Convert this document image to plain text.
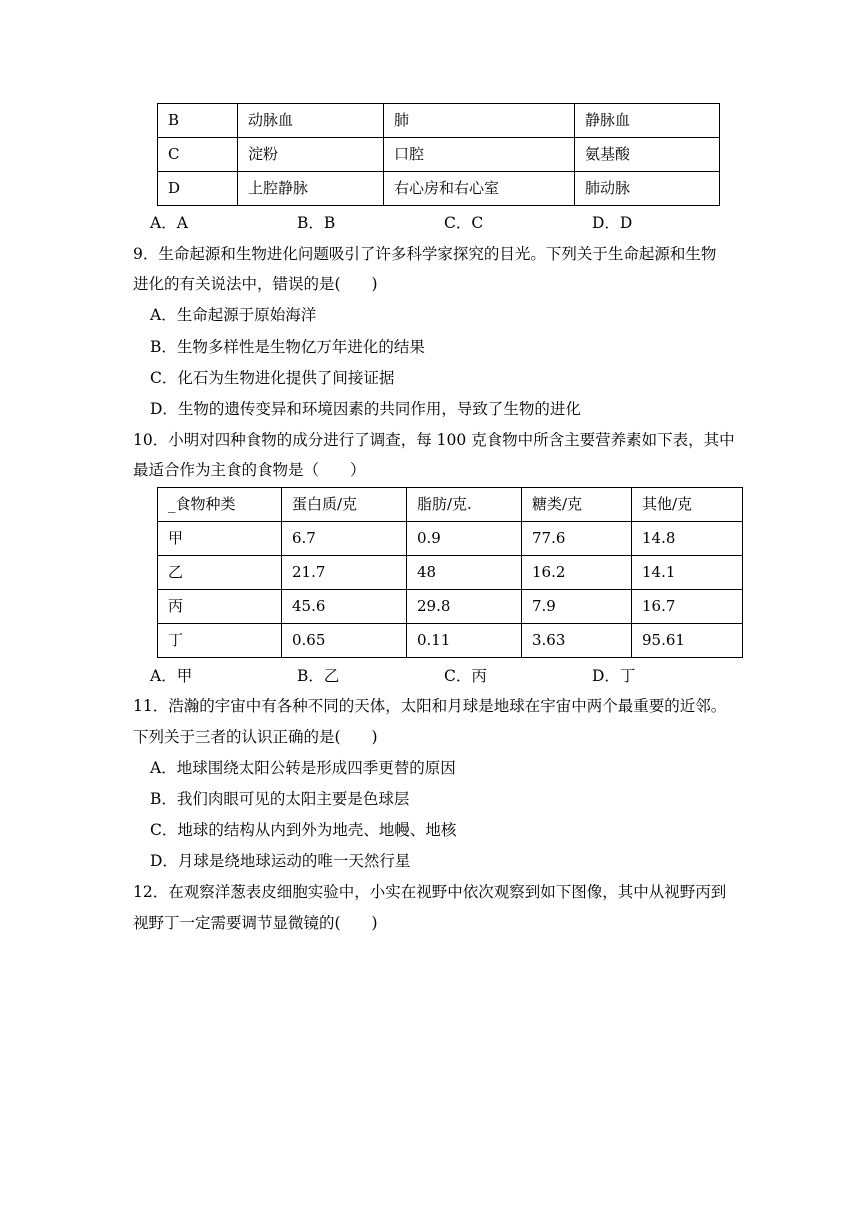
B	动脉血	肺	静脉血
C	淀粉	口腔	氨基酸
D	上腔静脉	右心房和右心室	肺动脉
A．A	B．B	C．C	D．D
9．生命起源和生物进化问题吸引了许多科学家探究的目光。下列关于生命起源和生物
进化的有关说法中，错误的是(　　)
A．生命起源于原始海洋
B．生物多样性是生物亿万年进化的结果
C．化石为生物进化提供了间接证据
D．生物的遗传变异和环境因素的共同作用，导致了生物的进化
10．小明对四种食物的成分进行了调查，每 100 克食物中所含主要营养素如下表，其中
最适合作为主食的食物是（　　）
_食物种类	蛋白质/克	脂肪/克.	糖类/克	其他/克
甲	6.7	0.9	77.6	14.8
乙	21.7	48	16.2	14.1
丙	45.6	29.8	7.9	16.7
丁	0.65	0.11	3.63	95.61
A．甲	B．乙	C．丙	D．丁
11．浩瀚的宇宙中有各种不同的天体，太阳和月球是地球在宇宙中两个最重要的近邻。
下列关于三者的认识正确的是(　　)
A．地球围绕太阳公转是形成四季更替的原因
B．我们肉眼可见的太阳主要是色球层
C．地球的结构从内到外为地壳、地幔、地核
D．月球是绕地球运动的唯一天然行星
12．在观察洋葱表皮细胞实验中，小实在视野中依次观察到如下图像，其中从视野丙到
视野丁一定需要调节显微镜的(　　)
